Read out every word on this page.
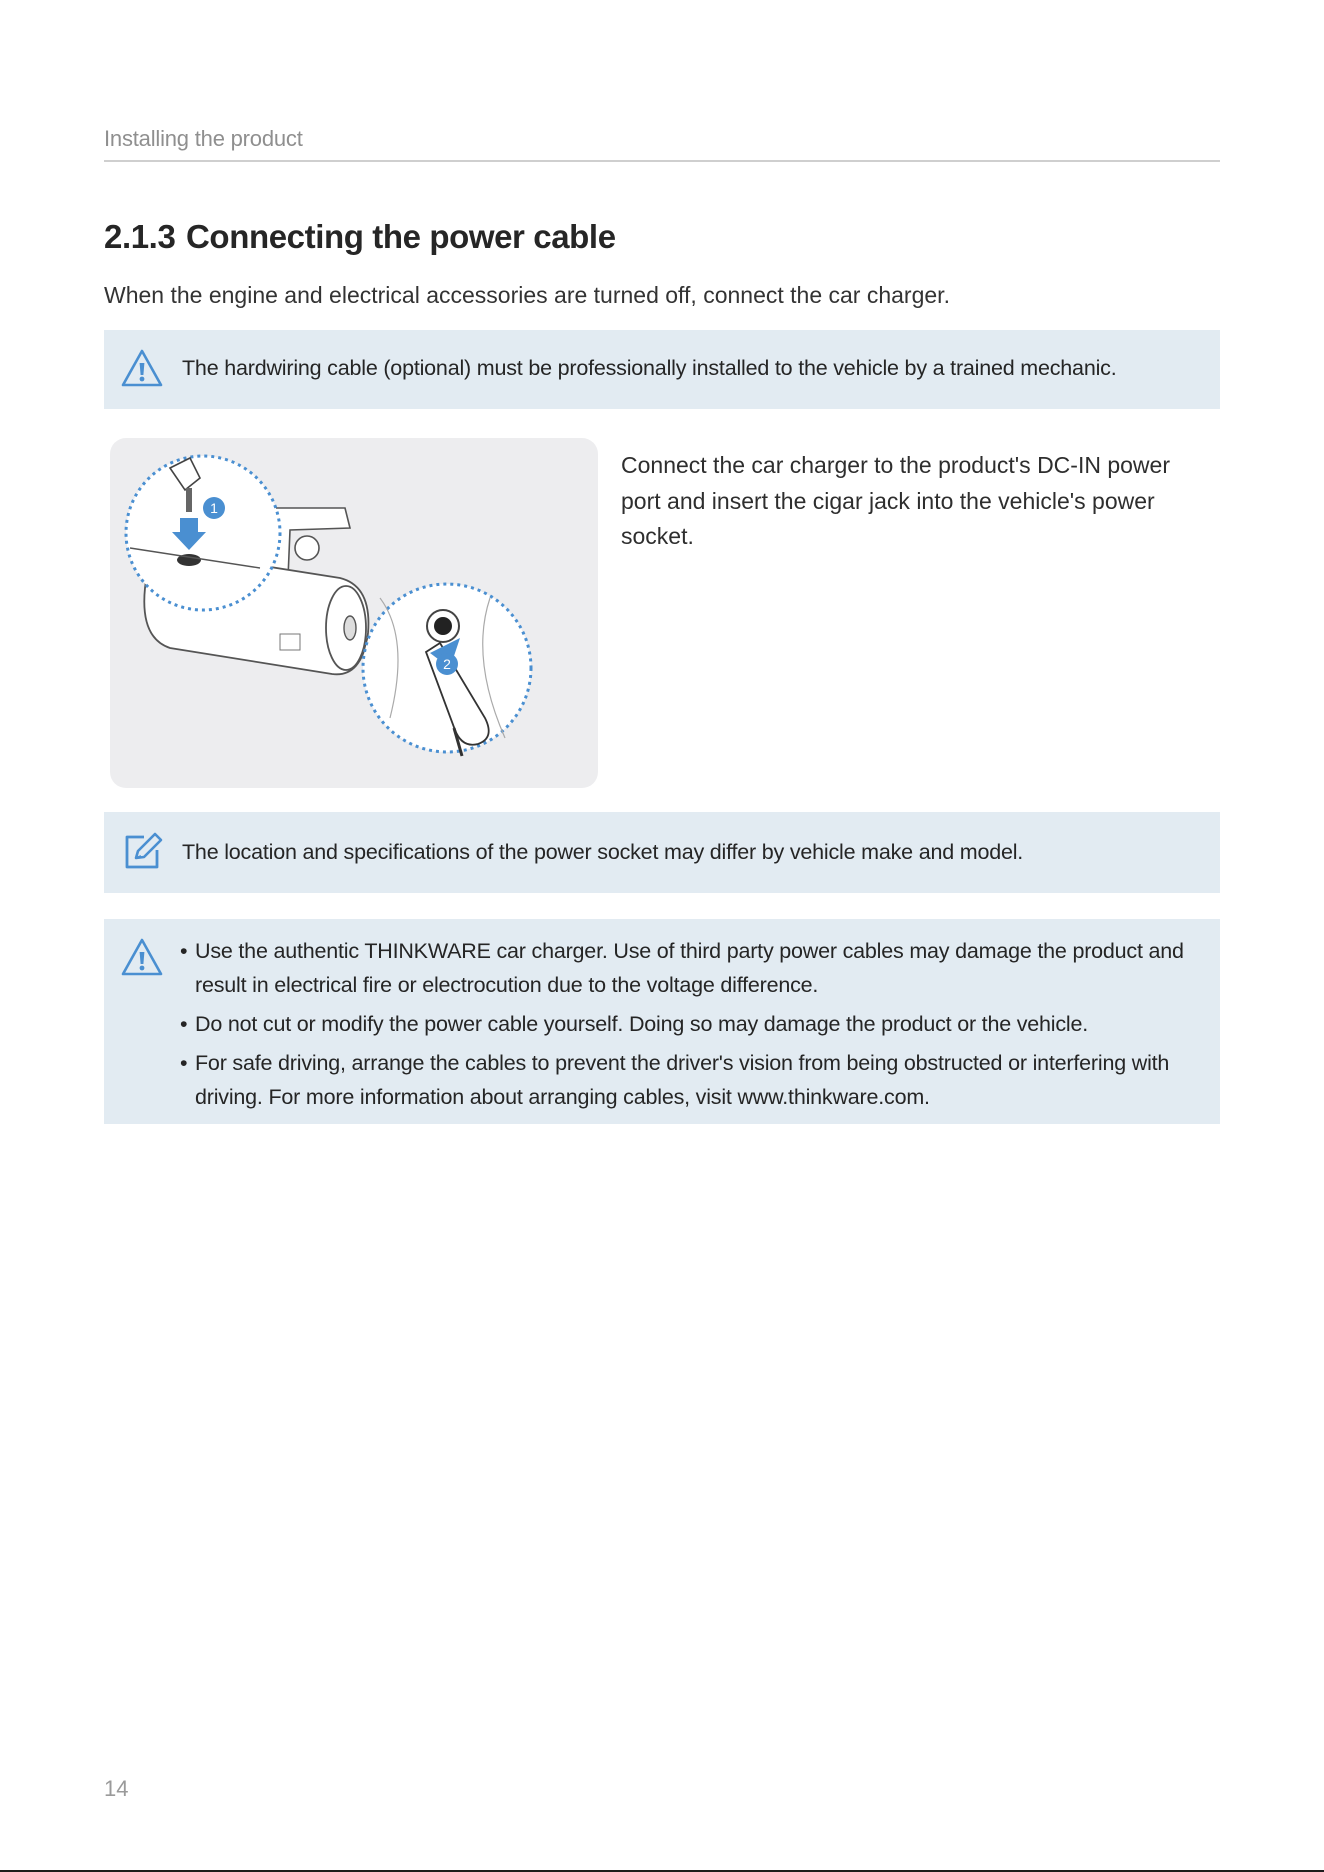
Installing the product
2.1.3 Connecting the power cable
When the engine and electrical accessories are turned off, connect the car charger.
The hardwiring cable (optional) must be professionally installed to the vehicle by a trained mechanic.
1
2
Connect the car charger to the product's DC-IN power port and insert the cigar jack into the vehicle's power socket.
The location and specifications of the power socket may differ by vehicle make and model.
• Use the authentic THINKWARE car charger. Use of third party power cables may damage the product and result in electrical fire or electrocution due to the voltage difference.
• Do not cut or modify the power cable yourself. Doing so may damage the product or the vehicle.
• For safe driving, arrange the cables to prevent the driver's vision from being obstructed or interfering with driving. For more information about arranging cables, visit www.thinkware.com.
14
